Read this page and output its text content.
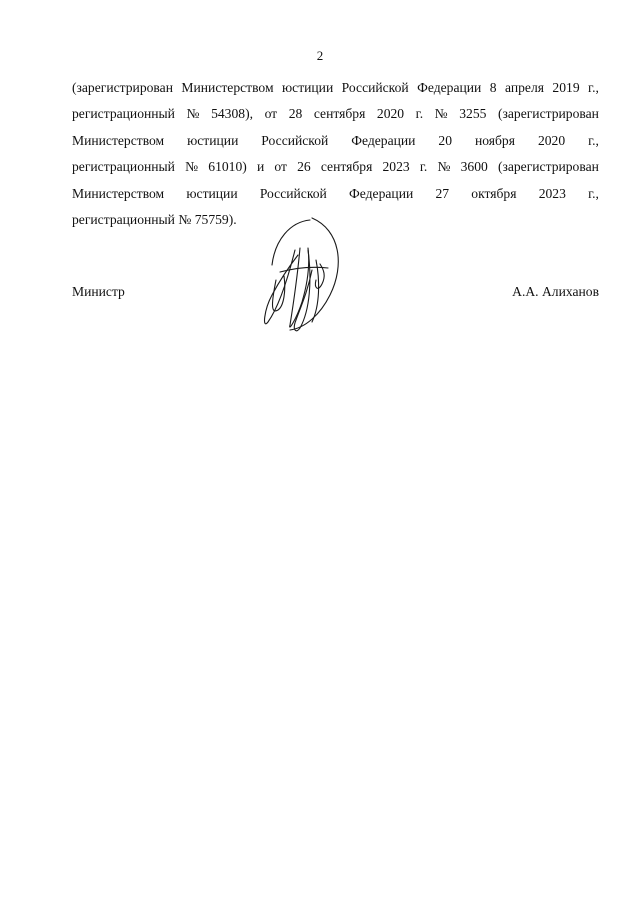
2
(зарегистрирован Министерством юстиции Российской Федерации 8 апреля 2019 г.,
регистрационный № 54308), от 28 сентября 2020 г. № 3255 (зарегистрирован
Министерством юстиции Российской Федерации 20 ноября 2020 г.,
регистрационный № 61010) и от 26 сентября 2023 г. № 3600 (зарегистрирован
Министерством юстиции Российской Федерации 27 октября 2023 г.,
регистрационный № 75759).
Министр	А.А. Алиханов
